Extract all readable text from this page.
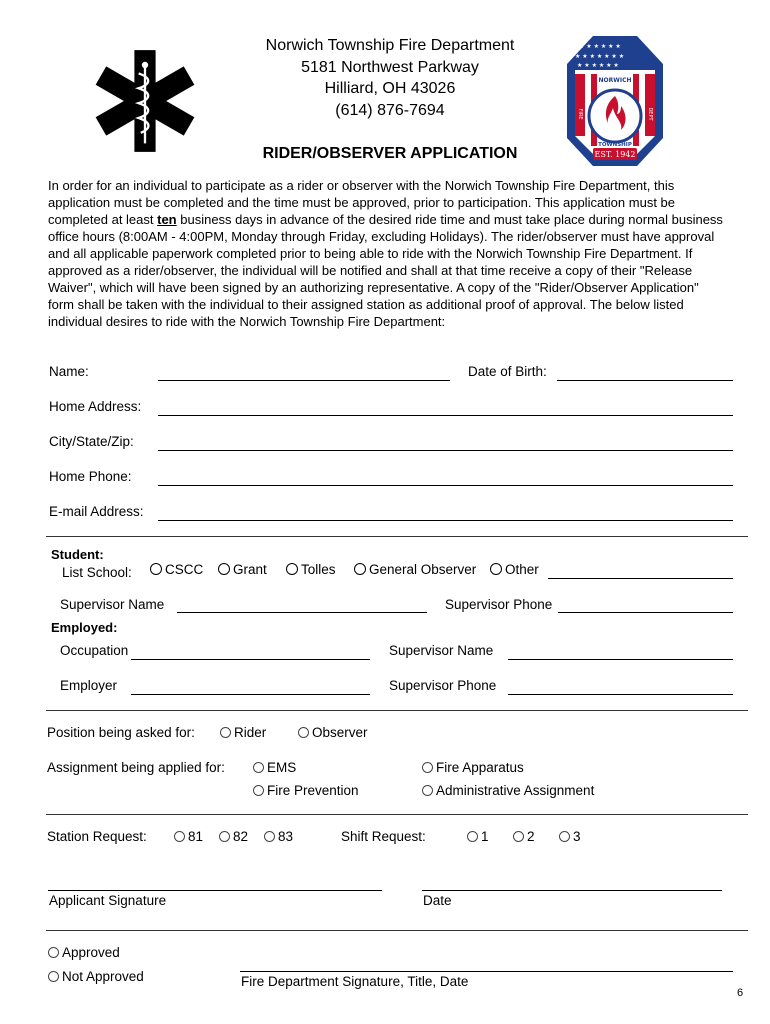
Norwich Township Fire Department
5181 Northwest Parkway
Hilliard, OH 43026
(614) 876-7694
RIDER/OBSERVER APPLICATION
★ ★ ★ ★ ★ ★
★ ★ ★ ★ ★ ★ ★
★ ★ ★ ★ ★ ★
NORWICH
TOWNSHIP
FIRE	DEPT
EST. 1942
In order for an individual to participate as a rider or observer with the Norwich Township Fire Department, this application must be completed and the time must be approved, prior to participation. This application must be completed at least ten business days in advance of the desired ride time and must take place during normal business office hours (8:00AM - 4:00PM, Monday through Friday, excluding Holidays). The rider/observer must have approval and all applicable paperwork completed prior to being able to ride with the Norwich Township Fire Department. If approved as a rider/observer, the individual will be notified and shall at that time receive a copy of their "Release Waiver", which will have been signed by an authorizing representative. A copy of the "Rider/Observer Application" form shall be taken with the individual to their assigned station as additional proof of approval. The below listed individual desires to ride with the Norwich Township Fire Department:
Name:	Date of Birth:
Home Address:
City/State/Zip:
Home Phone:
E-mail Address:
Student:
List School:	CSCC	Grant	Tolles	General Observer	Other
Supervisor Name	Supervisor Phone
Employed:
Occupation	Supervisor Name
Employer	Supervisor Phone
Position being asked for:	Rider	Observer
Assignment being applied for:	EMS	Fire Apparatus
Fire Prevention	Administrative Assignment
Station Request:	81	82	83	Shift Request:	1	2	3
Applicant Signature	Date
Approved
Not Approved	Fire Department Signature, Title, Date
6
